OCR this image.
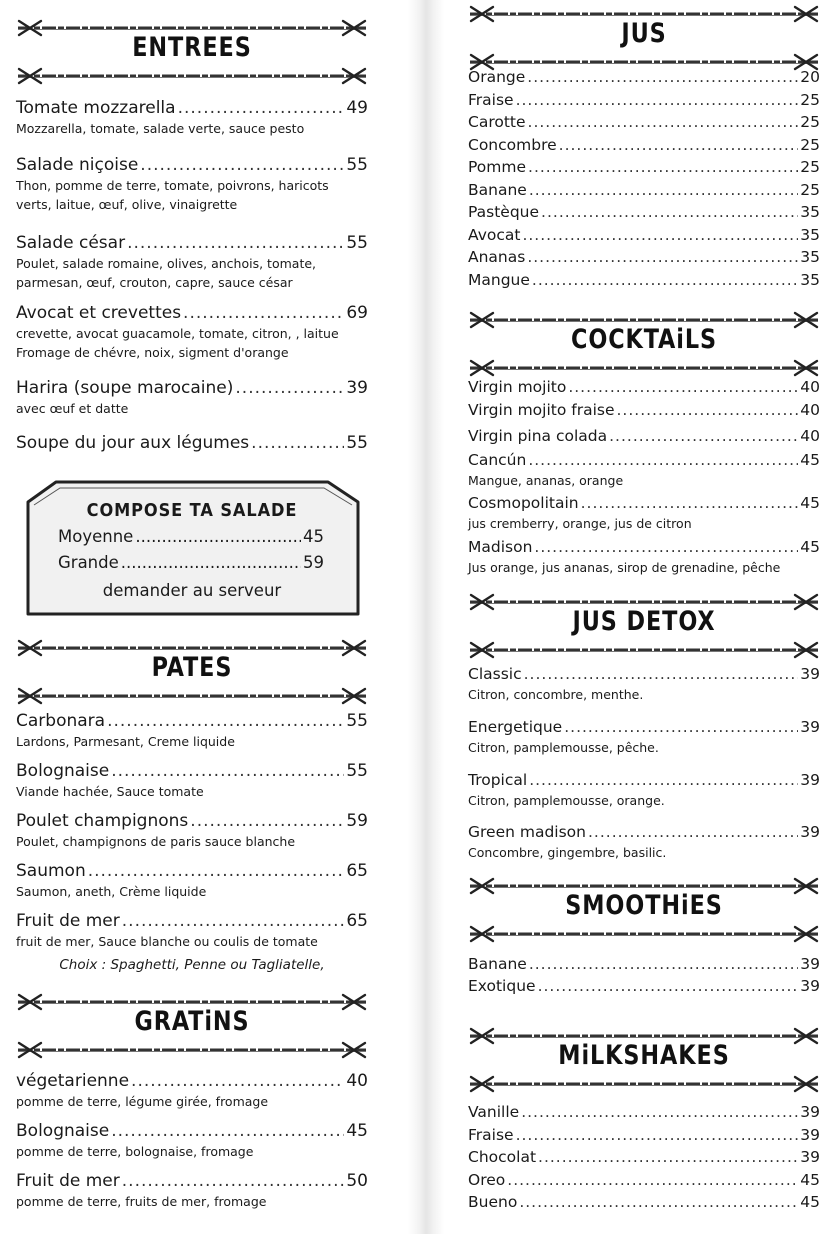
ENTREES
Tomate mozzarella .....	49
Mozzarella, tomate, salade verte, sauce pesto
Salade niçoise .....	55
Thon, pomme de terre, tomate, poivrons, haricots
verts, laitue, œuf, olive, vinaigrette
Salade césar .....	55
Poulet, salade romaine, olives, anchois, tomate,
parmesan, œuf, crouton, capre, sauce césar
Avocat et crevettes .....	69
crevette, avocat guacamole, tomate, citron, , laitue
Fromage de chévre, noix, sigment d'orange
Harira (soupe marocaine) .....	39
avec œuf et datte
Soupe du jour aux légumes .....	55
COMPOSE TA SALADE
Moyenne .....	45
Grande .....	59
demander au serveur
PATES
Carbonara .....	55
Lardons, Parmesant, Creme liquide
Bolognaise .....	55
Viande hachée, Sauce tomate
Poulet champignons .....	59
Poulet, champignons de paris sauce blanche
Saumon .....	65
Saumon, aneth, Crème liquide
Fruit de mer .....	65
fruit de mer, Sauce blanche ou coulis de tomate
Choix : Spaghetti, Penne ou Tagliatelle,
GRATiNS
végetarienne .....	40
pomme de terre, légume girée, fromage
Bolognaise .....	45
pomme de terre, bolognaise, fromage
Fruit de mer .....	50
pomme de terre, fruits de mer, fromage
JUS
Orange .....	20
Fraise .....	25
Carotte .....	25
Concombre .....	25
Pomme .....	25
Banane .....	25
Pastèque .....	35
Avocat .....	35
Ananas .....	35
Mangue .....	35
COCKTAiLS
Virgin mojito .....	40
Virgin mojito fraise .....	40
Virgin pina colada .....	40
Cancún .....	45
Mangue, ananas, orange
Cosmopolitain .....	45
jus cremberry, orange, jus de citron
Madison .....	45
Jus orange, jus ananas, sirop de grenadine, pêche
JUS DETOX
Classic .....	39
Citron, concombre, menthe.
Energetique .....	39
Citron, pamplemousse, pêche.
Tropical .....	39
Citron, pamplemousse, orange.
Green madison .....	39
Concombre, gingembre, basilic.
SMOOTHiES
Banane .....	39
Exotique .....	39
MiLKSHAKES
Vanille .....	39
Fraise .....	39
Chocolat .....	39
Oreo .....	45
Bueno .....	45
